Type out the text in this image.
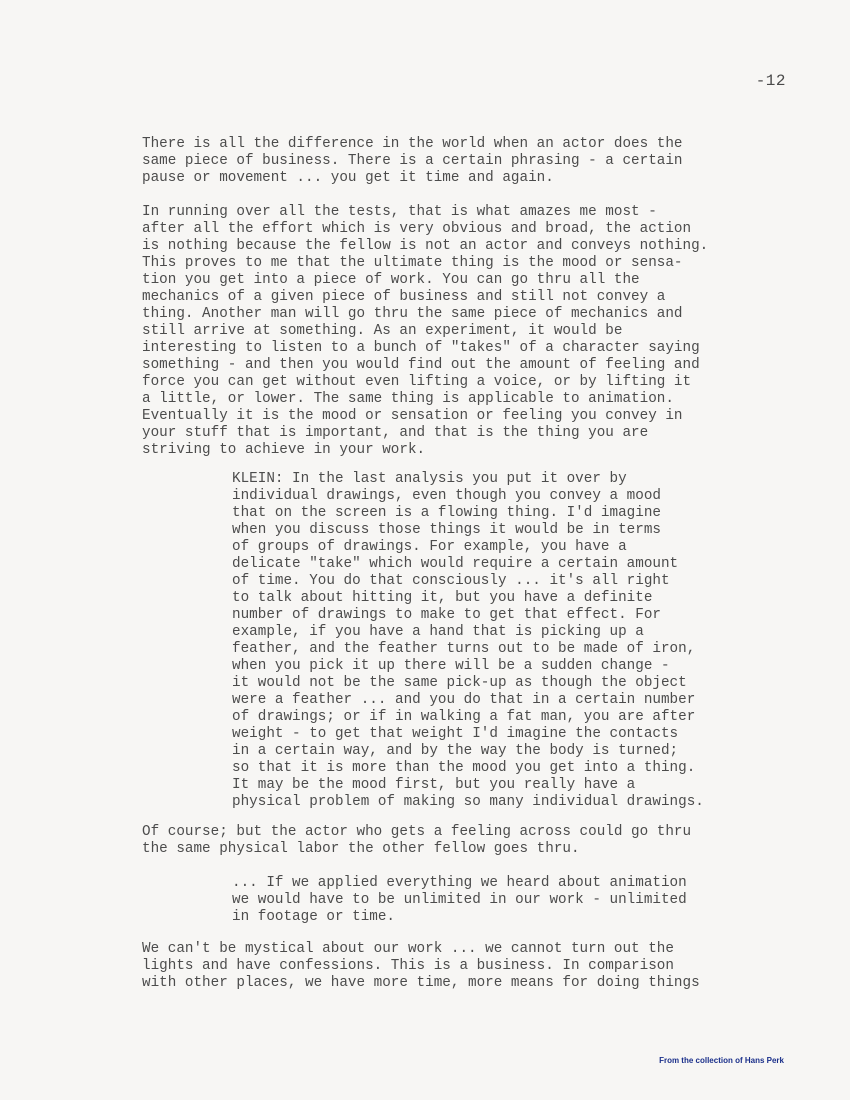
-12

There is all the difference in the world when an actor does the
same piece of business. There is a certain phrasing - a certain
pause or movement ... you get it time and again.

In running over all the tests, that is what amazes me most -
after all the effort which is very obvious and broad, the action
is nothing because the fellow is not an actor and conveys nothing.
This proves to me that the ultimate thing is the mood or sensa-
tion you get into a piece of work. You can go thru all the
mechanics of a given piece of business and still not convey a
thing. Another man will go thru the same piece of mechanics and
still arrive at something. As an experiment, it would be
interesting to listen to a bunch of "takes" of a character saying
something - and then you would find out the amount of feeling and
force you can get without even lifting a voice, or by lifting it
a little, or lower. The same thing is applicable to animation.
Eventually it is the mood or sensation or feeling you convey in
your stuff that is important, and that is the thing you are
striving to achieve in your work.

KLEIN: In the last analysis you put it over by
individual drawings, even though you convey a mood
that on the screen is a flowing thing. I'd imagine
when you discuss those things it would be in terms
of groups of drawings. For example, you have a
delicate "take" which would require a certain amount
of time. You do that consciously ... it's all right
to talk about hitting it, but you have a definite
number of drawings to make to get that effect. For
example, if you have a hand that is picking up a
feather, and the feather turns out to be made of iron,
when you pick it up there will be a sudden change -
it would not be the same pick-up as though the object
were a feather ... and you do that in a certain number
of drawings; or if in walking a fat man, you are after
weight - to get that weight I'd imagine the contacts
in a certain way, and by the way the body is turned;
so that it is more than the mood you get into a thing.
It may be the mood first, but you really have a
physical problem of making so many individual drawings.

Of course; but the actor who gets a feeling across could go thru
the same physical labor the other fellow goes thru.

... If we applied everything we heard about animation
we would have to be unlimited in our work - unlimited
in footage or time.

We can't be mystical about our work ... we cannot turn out the
lights and have confessions. This is a business. In comparison
with other places, we have more time, more means for doing things

From the collection of Hans Perk
